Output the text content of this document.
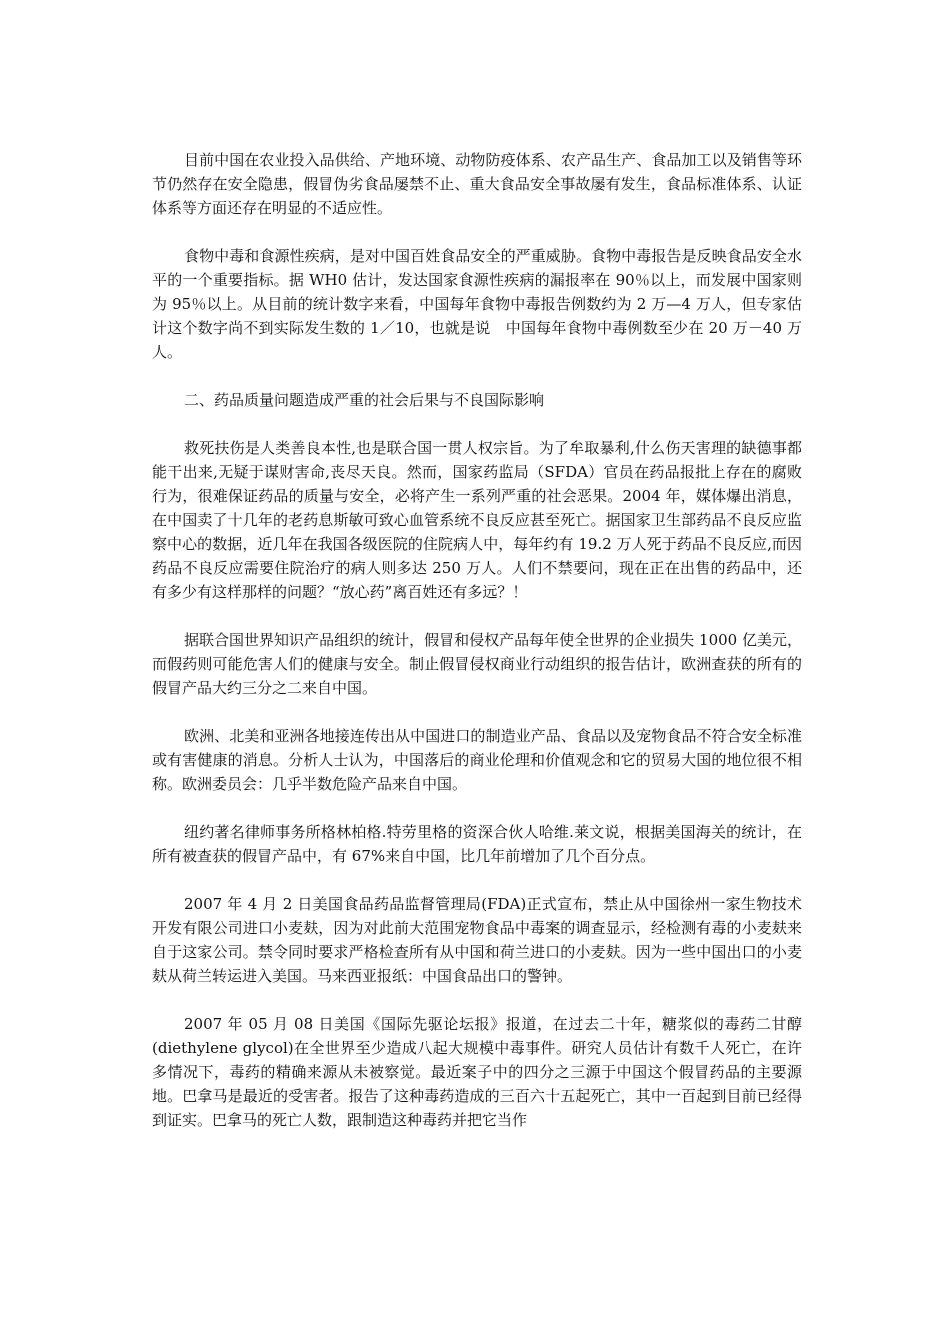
目前中国在农业投入品供给、产地环境、动物防疫体系、农产品生产、食品加工以及销售等环节仍然存在安全隐患，假冒伪劣食品屡禁不止、重大食品安全事故屡有发生，食品标准体系、认证体系等方面还存在明显的不适应性。

食物中毒和食源性疾病，是对中国百姓食品安全的严重威胁。食物中毒报告是反映食品安全水平的一个重要指标。据 WH0 估计，发达国家食源性疾病的漏报率在 90％以上，而发展中国家则为 95％以上。从目前的统计数字来看，中国每年食物中毒报告例数约为 2 万—4 万人，但专家估计这个数字尚不到实际发生数的 1／10，也就是说　中国每年食物中毒例数至少在 20 万－40 万人。

二、药品质量问题造成严重的社会后果与不良国际影响

救死扶伤是人类善良本性,也是联合国一贯人权宗旨。为了牟取暴利,什么伤天害理的缺德事都能干出来,无疑于谋财害命,丧尽天良。然而，国家药监局（SFDA）官员在药品报批上存在的腐败行为，很难保证药品的质量与安全，必将产生一系列严重的社会恶果。2004 年，媒体爆出消息，在中国卖了十几年的老药息斯敏可致心血管系统不良反应甚至死亡。据国家卫生部药品不良反应监察中心的数据，近几年在我国各级医院的住院病人中，每年约有 19.2 万人死于药品不良反应,而因药品不良反应需要住院治疗的病人则多达 250 万人。人们不禁要问，现在正在出售的药品中，还有多少有这样那样的问题？“放心药”离百姓还有多远？！

据联合国世界知识产品组织的统计，假冒和侵权产品每年使全世界的企业损失 1000 亿美元，而假药则可能危害人们的健康与安全。制止假冒侵权商业行动组织的报告估计，欧洲查获的所有的假冒产品大约三分之二来自中国。

欧洲、北美和亚洲各地接连传出从中国进口的制造业产品、食品以及宠物食品不符合安全标准或有害健康的消息。分析人士认为，中国落后的商业伦理和价值观念和它的贸易大国的地位很不相称。欧洲委员会：几乎半数危险产品来自中国。

纽约著名律师事务所格林柏格.特劳里格的资深合伙人哈维.莱文说，根据美国海关的统计，在所有被查获的假冒产品中，有 67%来自中国，比几年前增加了几个百分点。

2007 年 4 月 2 日美国食品药品监督管理局(FDA)正式宣布，禁止从中国徐州一家生物技术开发有限公司进口小麦麸，因为对此前大范围宠物食品中毒案的调查显示，经检测有毒的小麦麸来自于这家公司。禁令同时要求严格检查所有从中国和荷兰进口的小麦麸。因为一些中国出口的小麦麸从荷兰转运进入美国。马来西亚报纸：中国食品出口的警钟。

2007 年 05 月 08 日美国《国际先驱论坛报》报道，在过去二十年，糖浆似的毒药二甘醇(diethylene glycol)在全世界至少造成八起大规模中毒事件。研究人员估计有数千人死亡，在许多情况下，毒药的精确来源从未被察觉。最近案子中的四分之三源于中国这个假冒药品的主要源地。巴拿马是最近的受害者。报告了这种毒药造成的三百六十五起死亡，其中一百起到目前已经得到证实。巴拿马的死亡人数，跟制造这种毒药并把它当作
